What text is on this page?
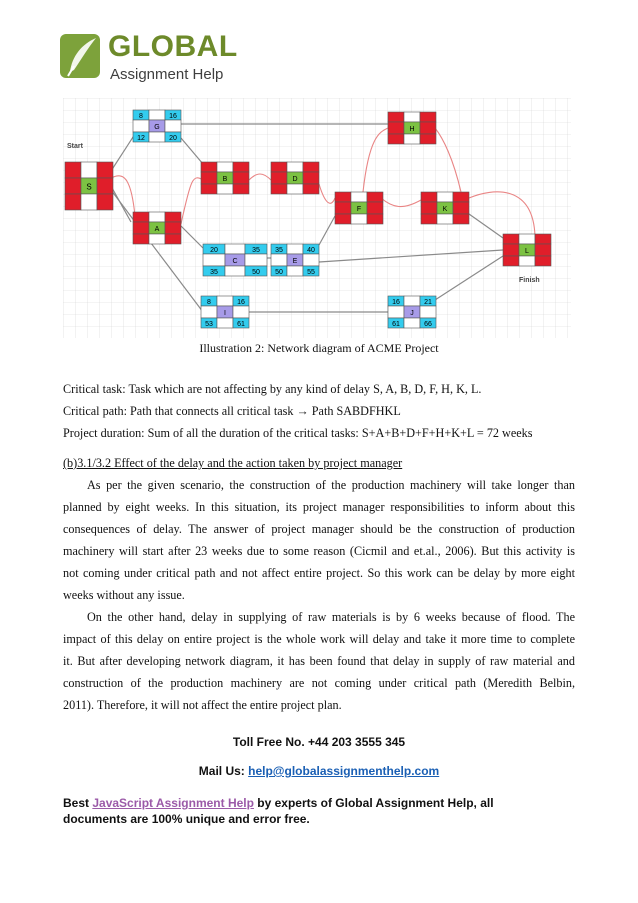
GLOBAL
Assignment Help
S
8	16
G
12	20
A
B	D
H
F	K
L
20	35
C
35	50
35	40
E
50	55
8	16
I
53	61
16	21
J
61	66
Start
Finish
Illustration 2: Network diagram of ACME Project
Critical task: Task which are not affecting by any kind of delay S, A, B, D, F, H, K, L.
Critical path: Path that connects all critical task → Path SABDFHKL
Project duration: Sum of all the duration of the critical tasks: S+A+B+D+F+H+K+L = 72 weeks
(b)3.1/3.2 Effect of the delay and the action taken by project manager
As per the given scenario, the construction of the production machinery will take longer than
planned by eight weeks. In this situation, its project manager responsibilities to inform about this
consequences of delay. The answer of project manager should be the construction of production
machinery will start after 23 weeks due to some reason (Cicmil and et.al., 2006). But this activity is
not coming under critical path and not affect entire project. So this work can be delay by more eight
weeks without any issue.
On the other hand, delay in supplying of raw materials is by 6 weeks because of flood. The
impact of this delay on entire project is the whole work will delay and take it more time to complete
it. But after developing network diagram, it has been found that delay in supply of raw material and
construction of the production machinery are not coming under critical path (Meredith Belbin,
2011). Therefore, it will not affect the entire project plan.
Toll Free No. +44 203 3555 345
Mail Us: help@globalassignmenthelp.com
Best JavaScript Assignment Help by experts of Global Assignment Help, all
documents are 100% unique and error free.
